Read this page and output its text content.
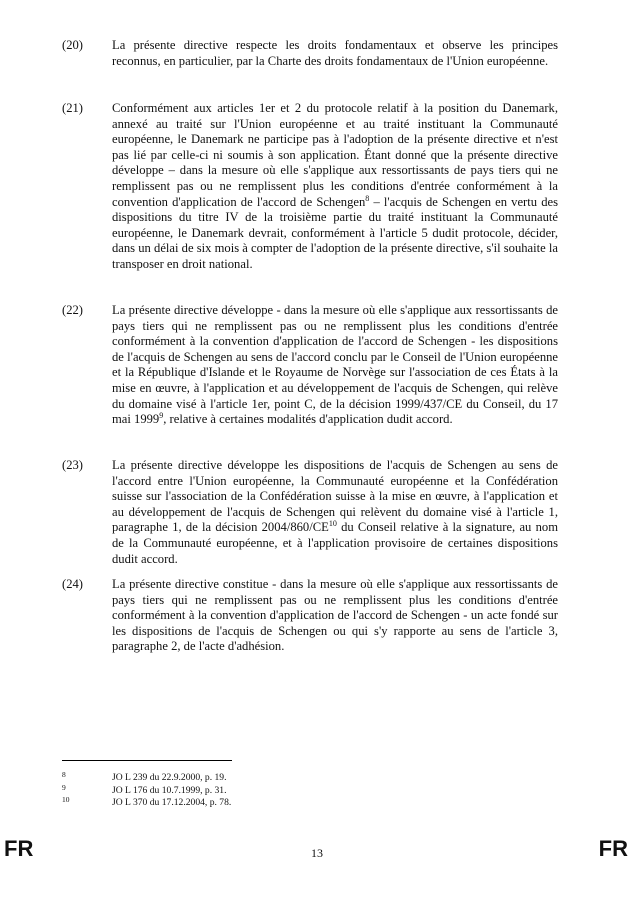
(20)	La présente directive respecte les droits fondamentaux et observe les principes reconnus, en particulier, par la Charte des droits fondamentaux de l'Union européenne.
(21)	Conformément aux articles 1er et 2 du protocole relatif à la position du Danemark, annexé au traité sur l'Union européenne et au traité instituant la Communauté européenne, le Danemark ne participe pas à l'adoption de la présente directive et n'est pas lié par celle-ci ni soumis à son application. Étant donné que la présente directive développe – dans la mesure où elle s'applique aux ressortissants de pays tiers qui ne remplissent pas ou ne remplissent plus les conditions d'entrée conformément à la convention d'application de l'accord de Schengen$^8$ – l'acquis de Schengen en vertu des dispositions du titre IV de la troisième partie du traité instituant la Communauté européenne, le Danemark devrait, conformément à l'article 5 dudit protocole, décider, dans un délai de six mois à compter de l'adoption de la présente directive, s'il souhaite la transposer en droit national.
(22)	La présente directive développe - dans la mesure où elle s'applique aux ressortissants de pays tiers qui ne remplissent pas ou ne remplissent plus les conditions d'entrée conformément à la convention d'application de l'accord de Schengen - les dispositions de l'acquis de Schengen au sens de l'accord conclu par le Conseil de l'Union européenne et la République d'Islande et le Royaume de Norvège sur l'association de ces États à la mise en œuvre, à l'application et au développement de l'acquis de Schengen, qui relève du domaine visé à l'article 1er, point C, de la décision 1999/437/CE du Conseil, du 17 mai 1999$^9$, relative à certaines modalités d'application dudit accord.
(23)	La présente directive développe les dispositions de l'acquis de Schengen au sens de l'accord entre l'Union européenne, la Communauté européenne et la Confédération suisse sur l'association de la Confédération suisse à la mise en œuvre, à l'application et au développement de l'acquis de Schengen qui relèvent du domaine visé à l'article 1, paragraphe 1, de la décision 2004/860/CE$^{10}$ du Conseil relative à la signature, au nom de la Communauté européenne, et à l'application provisoire de certaines dispositions dudit accord.
(24)	La présente directive constitue - dans la mesure où elle s'applique aux ressortissants de pays tiers qui ne remplissent pas ou ne remplissent plus les conditions d'entrée conformément à la convention d'application de l'accord de Schengen - un acte fondé sur les dispositions de l'acquis de Schengen ou qui s'y rapporte au sens de l'article 3, paragraphe 2, de l'acte d'adhésion.
8	JO L 239 du 22.9.2000, p. 19.
9	JO L 176 du 10.7.1999, p. 31.
10	JO L 370 du 17.12.2004, p. 78.
FR	13	FR
